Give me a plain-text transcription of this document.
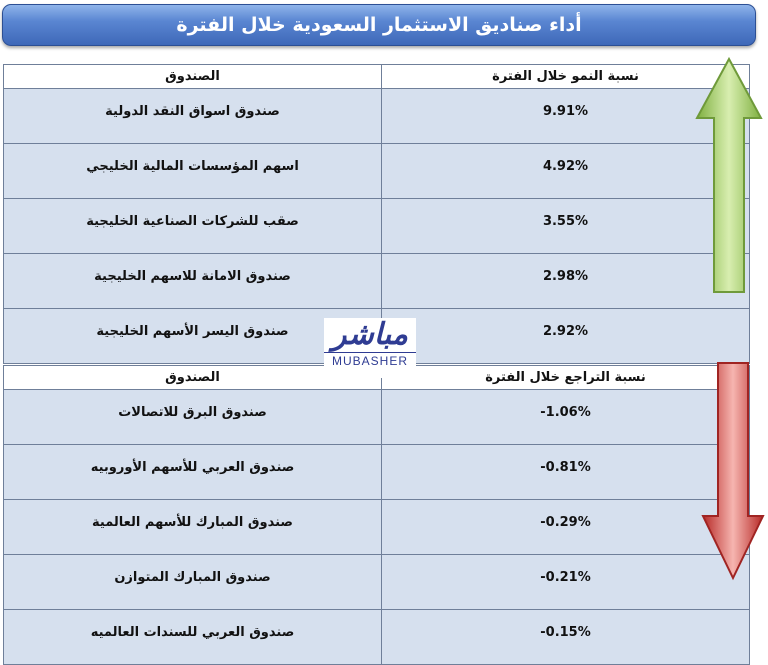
أداء صناديق الاستثمار السعودية خلال الفترة
الصندوق	نسبة النمو خلال الفترة
صندوق اسواق النقد الدولية	9.91%
اسهم المؤسسات المالية الخليجي	4.92%
صقب للشركات الصناعية الخليجية	3.55%
صندوق الامانة للاسهم الخليجية	2.98%
صندوق اليسر الأسهم الخليجية	2.92%
الصندوق	نسبة التراجع خلال الفترة
صندوق البرق للاتصالات	-1.06%
صندوق العربي للأسهم الأوروبيه	-0.81%
صندوق المبارك للأسهم العالمية	-0.29%
صندوق المبارك المتوازن	-0.21%
صندوق العربي للسندات العالميه	-0.15%
مباشر
MUBASHER
